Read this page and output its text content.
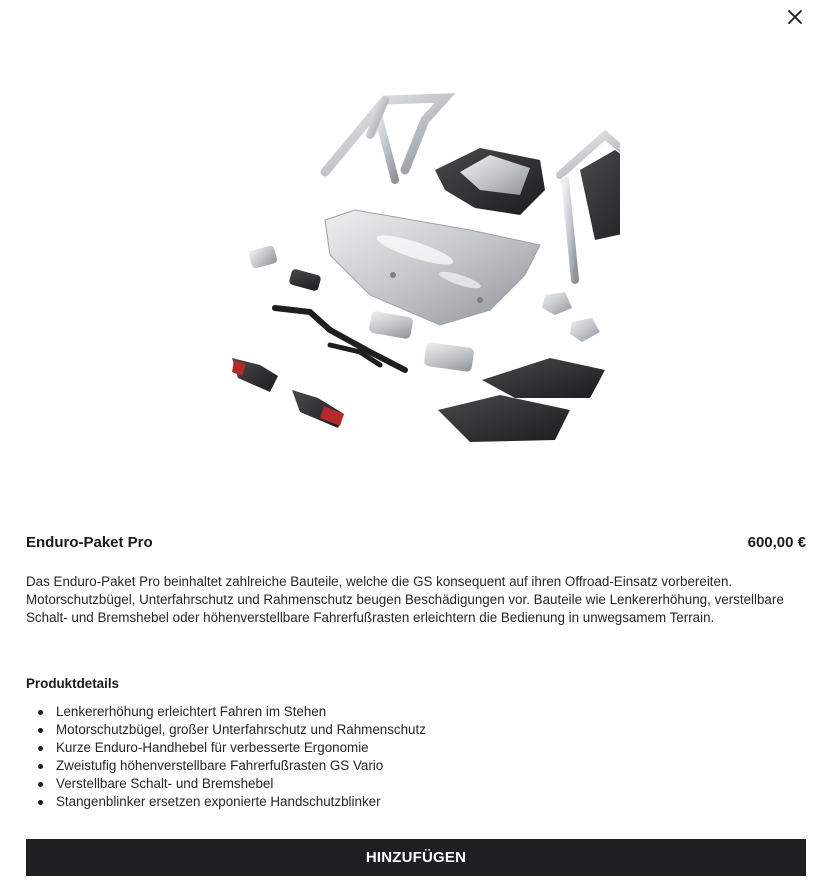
Enduro-Paket Pro	600,00 €

Das Enduro-Paket Pro beinhaltet zahlreiche Bauteile, welche die GS konsequent auf ihren Offroad-Einsatz vorbereiten. Motorschutzbügel, Unterfahrschutz und Rahmenschutz beugen Beschädigungen vor. Bauteile wie Lenkererhöhung, verstellbare Schalt- und Bremshebel oder höhenverstellbare Fahrerfußrasten erleichtern die Bedienung in unwegsamem Terrain.

Produktdetails
Lenkererhöhung erleichtert Fahren im Stehen
Motorschutzbügel, großer Unterfahrschutz und Rahmenschutz
Kurze Enduro-Handhebel für verbesserte Ergonomie
Zweistufig höhenverstellbare Fahrerfußrasten GS Vario
Verstellbare Schalt- und Bremshebel
Stangenblinker ersetzen exponierte Handschutzblinker
HINZUFÜGEN
